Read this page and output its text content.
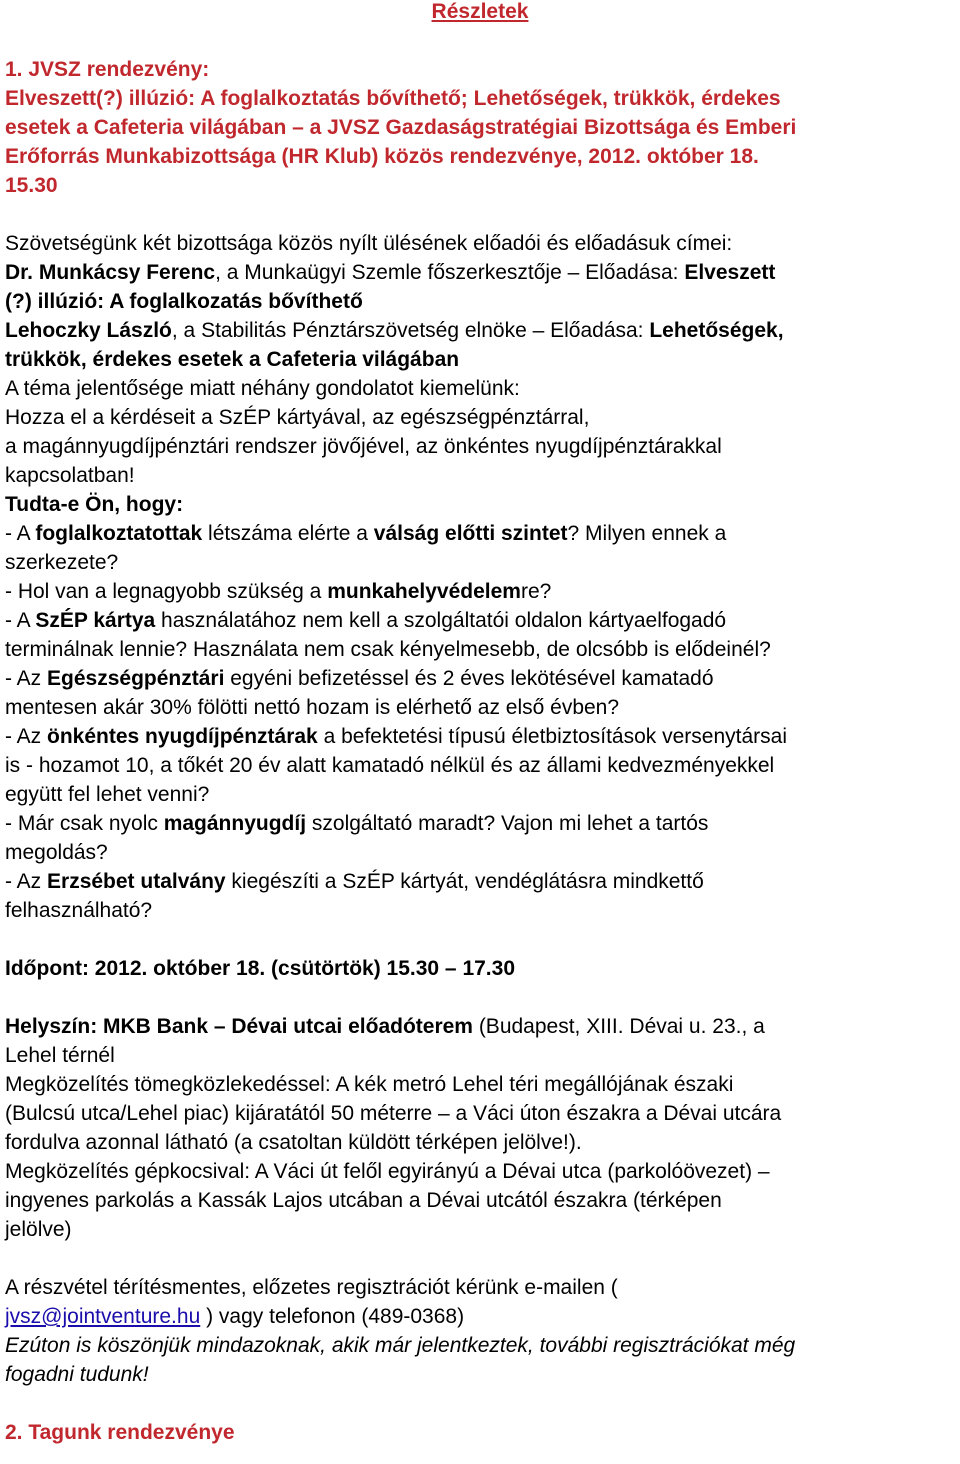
Részletek
1. JVSZ rendezvény:
Elveszett(?) illúzió: A foglalkoztatás bővíthető; Lehetőségek, trükkök, érdekes
esetek a Cafeteria világában – a JVSZ Gazdaságstratégiai Bizottsága és Emberi
Erőforrás Munkabizottsága (HR Klub) közös rendezvénye, 2012. október 18.
15.30
Szövetségünk két bizottsága közös nyílt ülésének előadói és előadásuk címei:
Dr. Munkácsy Ferenc, a Munkaügyi Szemle főszerkesztője – Előadása: Elveszett
(?) illúzió: A foglalkozatás bővíthető
Lehoczky László, a Stabilitás Pénztárszövetség elnöke – Előadása: Lehetőségek,
trükkök, érdekes esetek a Cafeteria világában
A téma jelentősége miatt néhány gondolatot kiemelünk:
Hozza el a kérdéseit a SzÉP kártyával, az egészségpénztárral,
a magánnyugdíjpénztári rendszer jövőjével, az önkéntes nyugdíjpénztárakkal
kapcsolatban!
Tudta-e Ön, hogy:
- A foglalkoztatottak létszáma elérte a válság előtti szintet? Milyen ennek a
szerkezete?
- Hol van a legnagyobb szükség a munkahelyvédelemre?
- A SzÉP kártya használatához nem kell a szolgáltatói oldalon kártyaelfogadó
terminálnak lennie? Használata nem csak kényelmesebb, de olcsóbb is elődeinél?
- Az Egészségpénztári egyéni befizetéssel és 2 éves lekötésével kamatadó
mentesen akár 30% fölötti nettó hozam is elérhető az első évben?
- Az önkéntes nyugdíjpénztárak a befektetési típusú életbiztosítások versenytársai
is - hozamot 10, a tőkét 20 év alatt kamatadó nélkül és az állami kedvezményekkel
együtt fel lehet venni?
- Már csak nyolc magánnyugdíj szolgáltató maradt? Vajon mi lehet a tartós
megoldás?
- Az Erzsébet utalvány kiegészíti a SzÉP kártyát, vendéglátásra mindkettő
felhasználható?
Időpont: 2012. október 18. (csütörtök) 15.30 – 17.30
Helyszín: MKB Bank – Dévai utcai előadóterem (Budapest, XIII. Dévai u. 23., a
Lehel térnél
Megközelítés tömegközlekedéssel: A kék metró Lehel téri megállójának északi
(Bulcsú utca/Lehel piac) kijáratától 50 méterre – a Váci úton északra a Dévai utcára
fordulva azonnal látható (a csatoltan küldött térképen jelölve!).
Megközelítés gépkocsival: A Váci út felől egyirányú a Dévai utca (parkolóövezet) –
ingyenes parkolás a Kassák Lajos utcában a Dévai utcától északra (térképen
jelölve)
A részvétel térítésmentes, előzetes regisztrációt kérünk e-mailen (
jvsz@jointventure.hu ) vagy telefonon (489-0368)
Ezúton is köszönjük mindazoknak, akik már jelentkeztek, további regisztrációkat még
fogadni tudunk!
2. Tagunk rendezvénye
